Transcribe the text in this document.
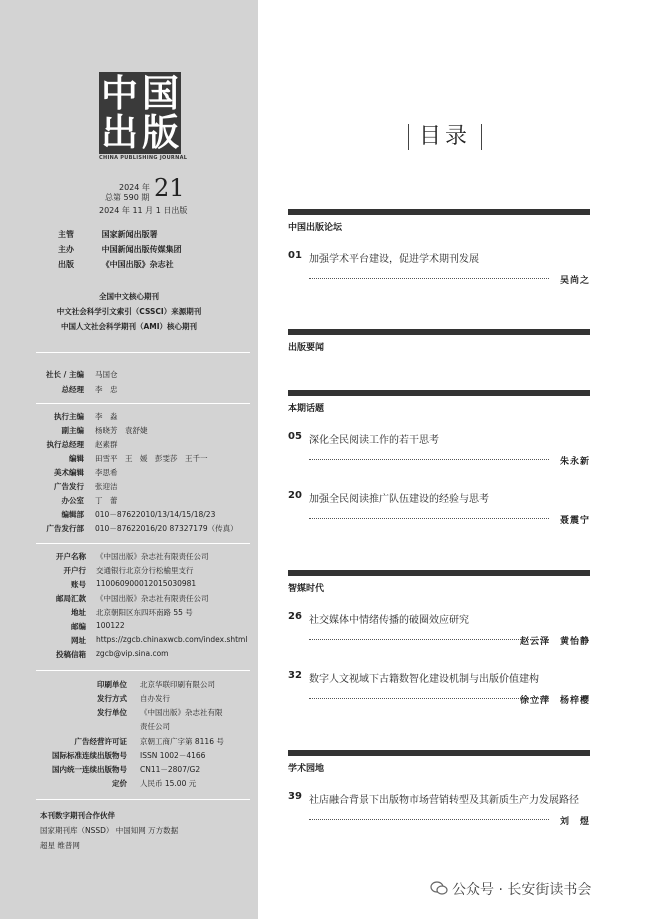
中 国
出 版
CHINA PUBLISHING JOURNAL
2024 年 21
总第 590 期
2024 年 11 月 1 日出版
主管	国家新闻出版署
主办	中国新闻出版传媒集团
出版	《中国出版》杂志社
全国中文核心期刊
中文社会科学引文索引（CSSCI）来源期刊
中国人文社会科学期刊（AMI）核心期刊
社长 / 主编 马国仓
总经理 李　忠
执行主编 李　淼
副主编 杨晓芳　袁舒婕
执行总经理 赵素群
编辑 田雪平　王　媛　彭雯莎　王千一
美术编辑 李思希
广告发行 张迎洁
办公室 丁　蕾
编辑部 010－87622010/13/14/15/18/23
广告发行部 010－87622016/20 87327179（传真）
开户名称 《中国出版》杂志社有限责任公司
开户行 交通银行北京分行松榆里支行
账号 110060900012015030981
邮局汇款 《中国出版》杂志社有限责任公司
地址 北京朝阳区东四环南路 55 号
邮编 100122
网址 https://zgcb.chinaxwcb.com/index.shtml
投稿信箱 zgcb@vip.sina.com
印刷单位 北京华联印刷有限公司
发行方式 自办发行
发行单位 《中国出版》杂志社有限
责任公司
广告经营许可证 京朝工商广字第 8116 号
国际标准连续出版物号 ISSN 1002－4166
国内统一连续出版物号 CN11－2807/G2
定价 人民币 15.00 元
本刊数字期刊合作伙伴
国家期刊库（NSSD） 中国知网 万方数据
超星 维普网
目录
中国出版论坛
01 加强学术平台建设，促进学术期刊发展
吴尚之
出版要闻
本期话题
05 深化全民阅读工作的若干思考
朱永新
20 加强全民阅读推广队伍建设的经验与思考
聂震宁
智媒时代
26 社交媒体中情绪传播的破圈效应研究
赵云泽　黄怡静
32 数字人文视域下古籍数智化建设机制与出版价值建构
徐立萍　杨梓樱
学术园地
39 社店融合背景下出版物市场营销转型及其新质生产力发展路径
刘　煜
公众号 · 长安街读书会
